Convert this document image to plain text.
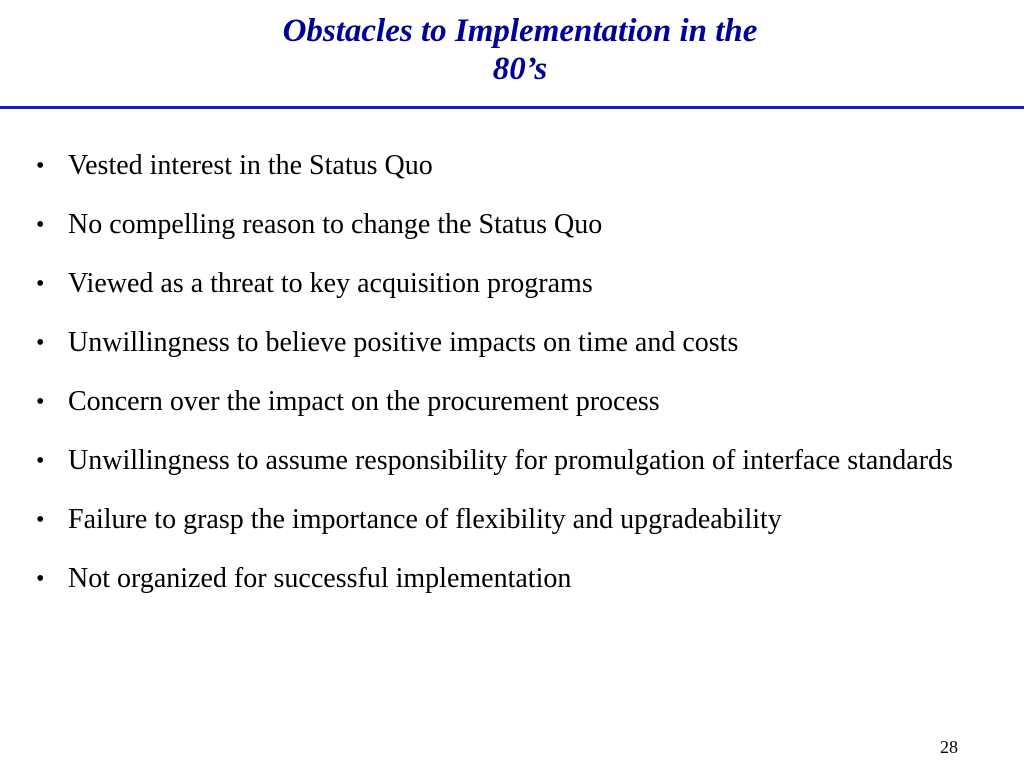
Obstacles to Implementation in the
80’s
• Vested interest in the Status Quo
• No compelling reason to change the Status Quo
• Viewed as a threat to key acquisition programs
• Unwillingness to believe positive impacts on time and costs
• Concern over the impact on the procurement process
• Unwillingness to assume responsibility for promulgation of interface standards
• Failure to grasp the importance of flexibility and upgradeability
• Not organized for successful implementation
28
